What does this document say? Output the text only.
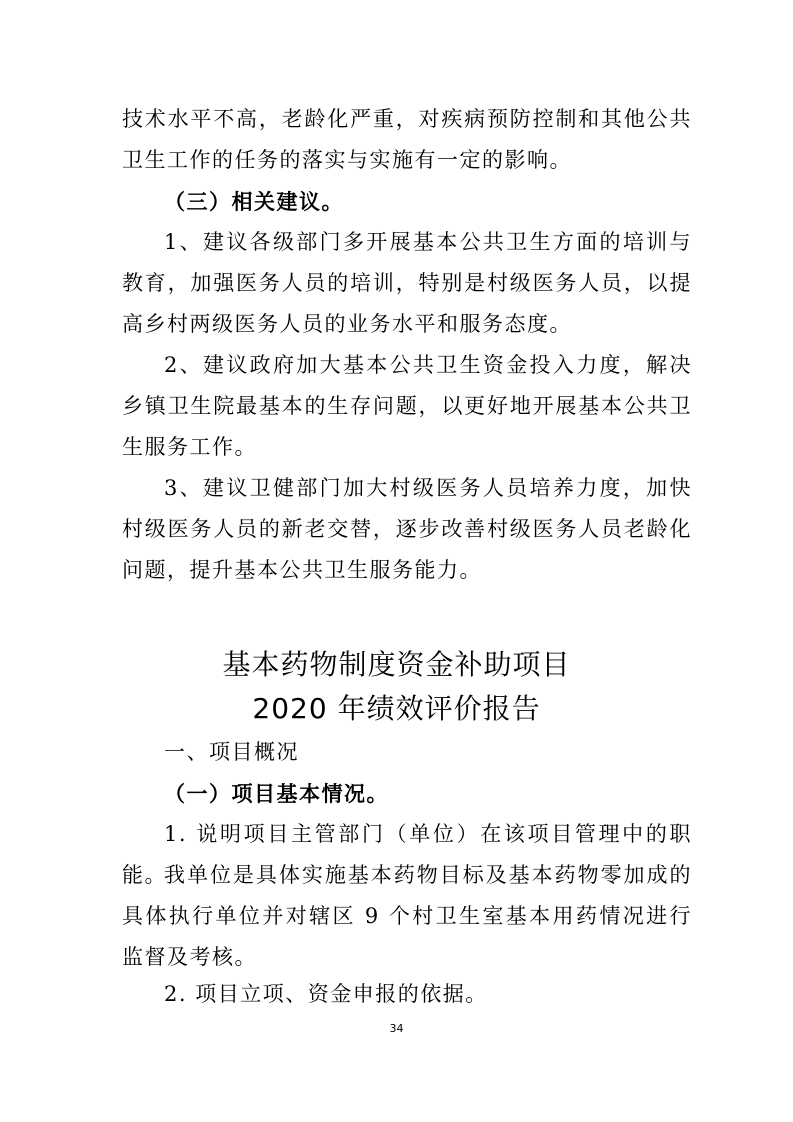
技术水平不高，老龄化严重，对疾病预防控制和其他公共卫生工作的任务的落实与实施有一定的影响。

（三）相关建议。

1、建议各级部门多开展基本公共卫生方面的培训与教育，加强医务人员的培训，特别是村级医务人员，以提高乡村两级医务人员的业务水平和服务态度。

2、建议政府加大基本公共卫生资金投入力度，解决乡镇卫生院最基本的生存问题，以更好地开展基本公共卫生服务工作。

3、建议卫健部门加大村级医务人员培养力度，加快村级医务人员的新老交替，逐步改善村级医务人员老龄化问题，提升基本公共卫生服务能力。

基本药物制度资金补助项目

2020 年绩效评价报告

一、项目概况

（一）项目基本情况。

1. 说明项目主管部门（单位）在该项目管理中的职能。

我单位是具体实施基本药物目标及基本药物零加成的具体执行单位并对辖区 9 个村卫生室基本用药情况进行监督及考核。

2. 项目立项、资金申报的依据。

34
